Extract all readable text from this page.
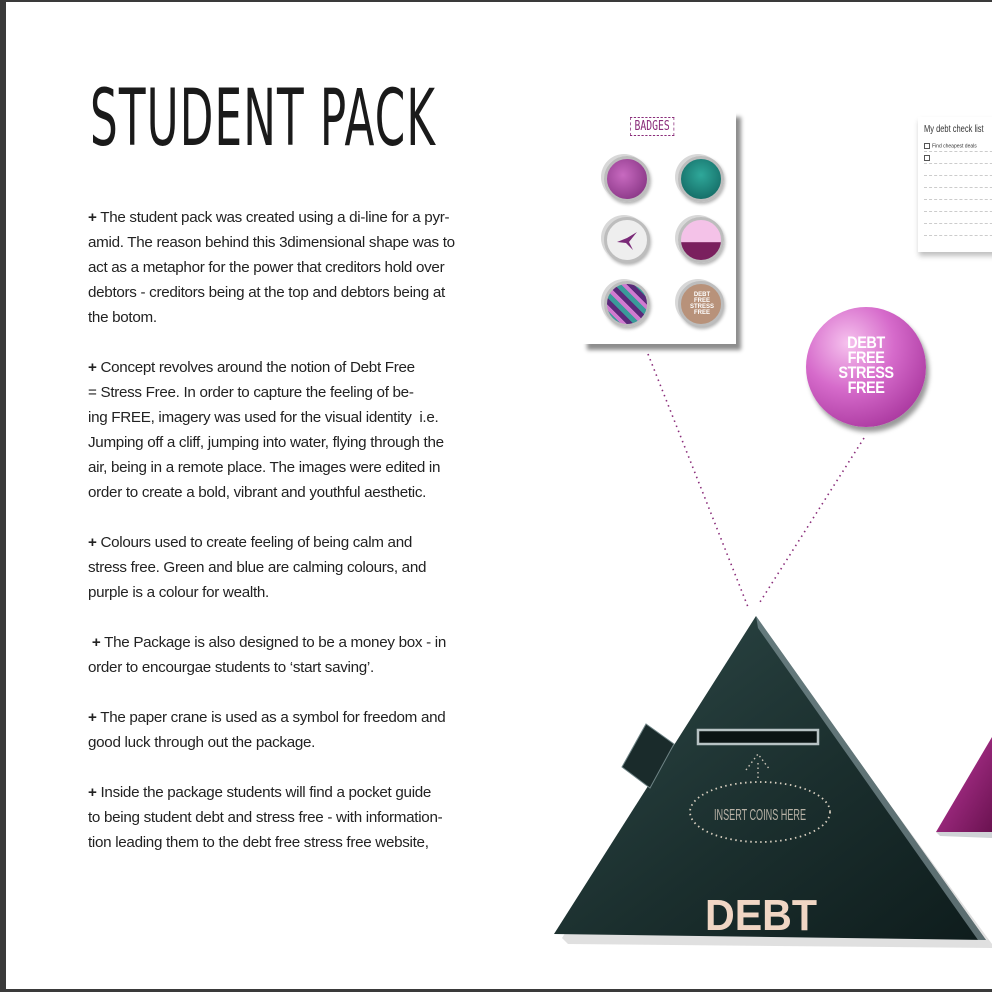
STUDENT PACK

+ The student pack was created using a di-line for a pyr-
amid. The reason behind this 3dimensional shape was to
act as a metaphor for the power that creditors hold over
debtors - creditors being at the top and debtors being at
the botom.

+ Concept revolves around the notion of Debt Free
= Stress Free. In order to capture the feeling of be-
ing FREE, imagery was used for the visual identity  i.e.
Jumping off a cliff, jumping into water, flying through the
air, being in a remote place. The images were edited in
order to create a bold, vibrant and youthful aesthetic.

+ Colours used to create feeling of being calm and
stress free. Green and blue are calming colours, and
purple is a colour for wealth.

+ The Package is also designed to be a money box - in
order to encourgae students to ‘start saving’.

+ The paper crane is used as a symbol for freedom and
good luck through out the package.

+ Inside the package students will find a pocket guide
to being student debt and stress free - with information-
tion leading them to the debt free stress free website,

INSERT COINS HERE
DEBT
BADGES
DEBT
FREE
STRESS
FREE
My debt check list
Find cheapest deals
DEBT
FREE
STRESS
FREE
